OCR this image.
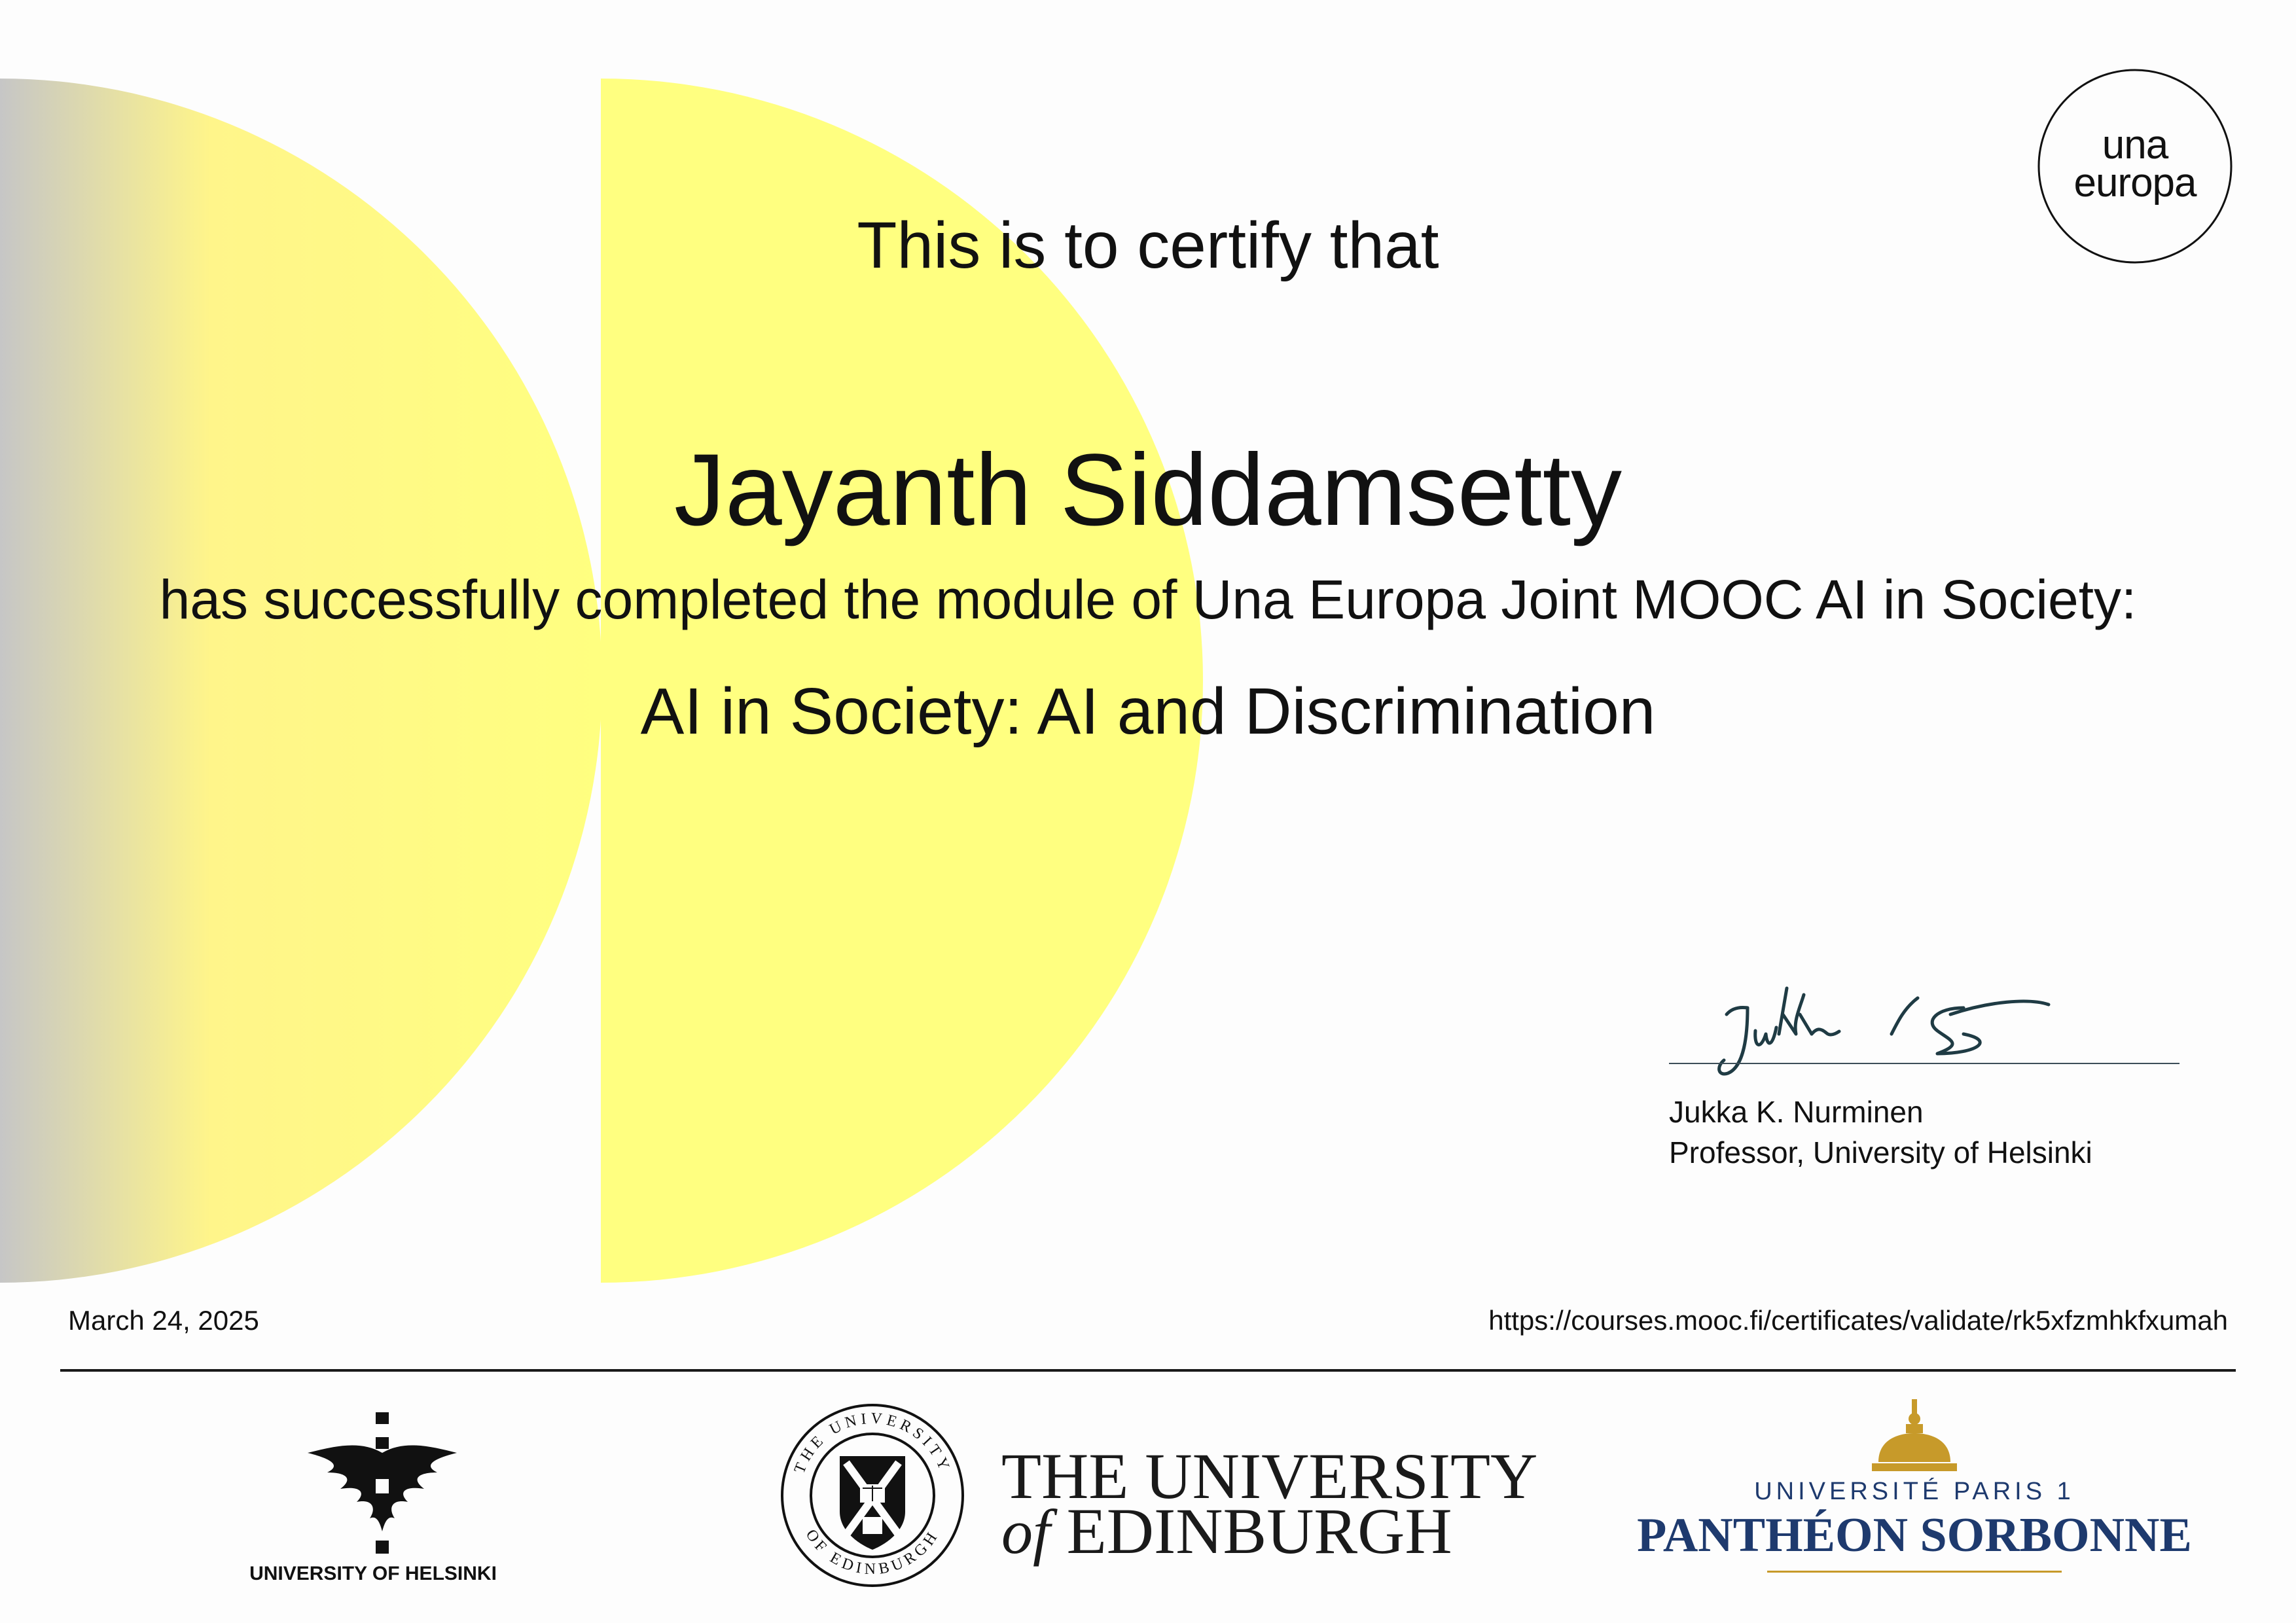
This is to certify that
Jayanth Siddamsetty
has successfully completed the module of Una Europa Joint MOOC AI in Society:
AI in Society: AI and Discrimination
una
europa
Jukka K. Nurminen
Professor, University of Helsinki
March 24, 2025	https://courses.mooc.fi/certificates/validate/rk5xfzmhkfxumah
UNIVERSITY OF HELSINKI
THE UNIVERSITY
OF EDINBURGH
THE UNIVERSITY
of EDINBURGH
UNIVERSITÉ PARIS 1
PANTHÉON SORBONNE
